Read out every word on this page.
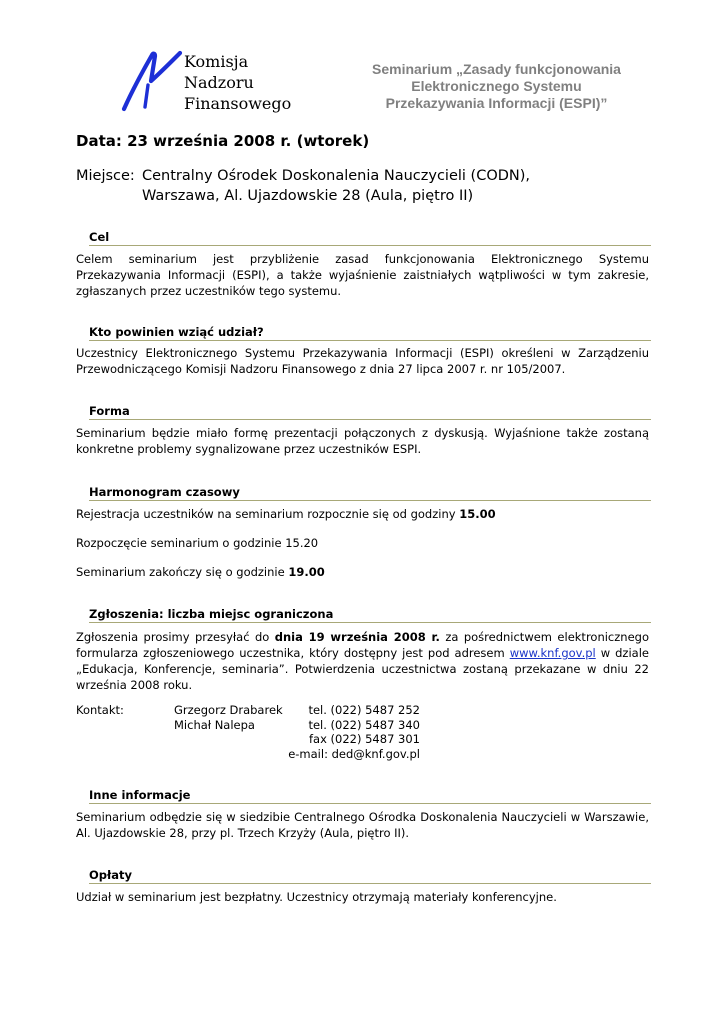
Komisja
Nadzoru
Finansowego
Seminarium „Zasady funkcjonowania
Elektronicznego Systemu
Przekazywania Informacji (ESPI)”
Data: 23 września 2008 r. (wtorek)
Miejsce: Centralny Ośrodek Doskonalenia Nauczycieli (CODN),
Warszawa, Al. Ujazdowskie 28 (Aula, piętro II)
Cel
Celem seminarium jest przybliżenie zasad funkcjonowania Elektronicznego Systemu Przekazywania Informacji (ESPI), a także wyjaśnienie zaistniałych wątpliwości w tym zakresie, zgłaszanych przez uczestników tego systemu.
Kto powinien wziąć udział?
Uczestnicy Elektronicznego Systemu Przekazywania Informacji (ESPI) określeni w Zarządzeniu Przewodniczącego Komisji Nadzoru Finansowego z dnia 27 lipca 2007 r. nr 105/2007.
Forma
Seminarium będzie miało formę prezentacji połączonych z dyskusją. Wyjaśnione także zostaną konkretne problemy sygnalizowane przez uczestników ESPI.
Harmonogram czasowy
Rejestracja uczestników na seminarium rozpocznie się od godziny 15.00
Rozpoczęcie seminarium o godzinie 15.20
Seminarium zakończy się o godzinie 19.00
Zgłoszenia: liczba miejsc ograniczona
Zgłoszenia prosimy przesyłać do dnia 19 września 2008 r. za pośrednictwem elektronicznego formularza zgłoszeniowego uczestnika, który dostępny jest pod adresem www.knf.gov.pl w dziale „Edukacja, Konferencje, seminaria”. Potwierdzenia uczestnictwa zostaną przekazane w dniu 22 września 2008 roku.
Kontakt:	Grzegorz Drabarek
Michał Nalepa
tel. (022) 5487 252
tel. (022) 5487 340
fax (022) 5487 301
e-mail: ded@knf.gov.pl
Inne informacje
Seminarium odbędzie się w siedzibie Centralnego Ośrodka Doskonalenia Nauczycieli w Warszawie, Al. Ujazdowskie 28, przy pl. Trzech Krzyży (Aula, piętro II).
Opłaty
Udział w seminarium jest bezpłatny. Uczestnicy otrzymają materiały konferencyjne.
